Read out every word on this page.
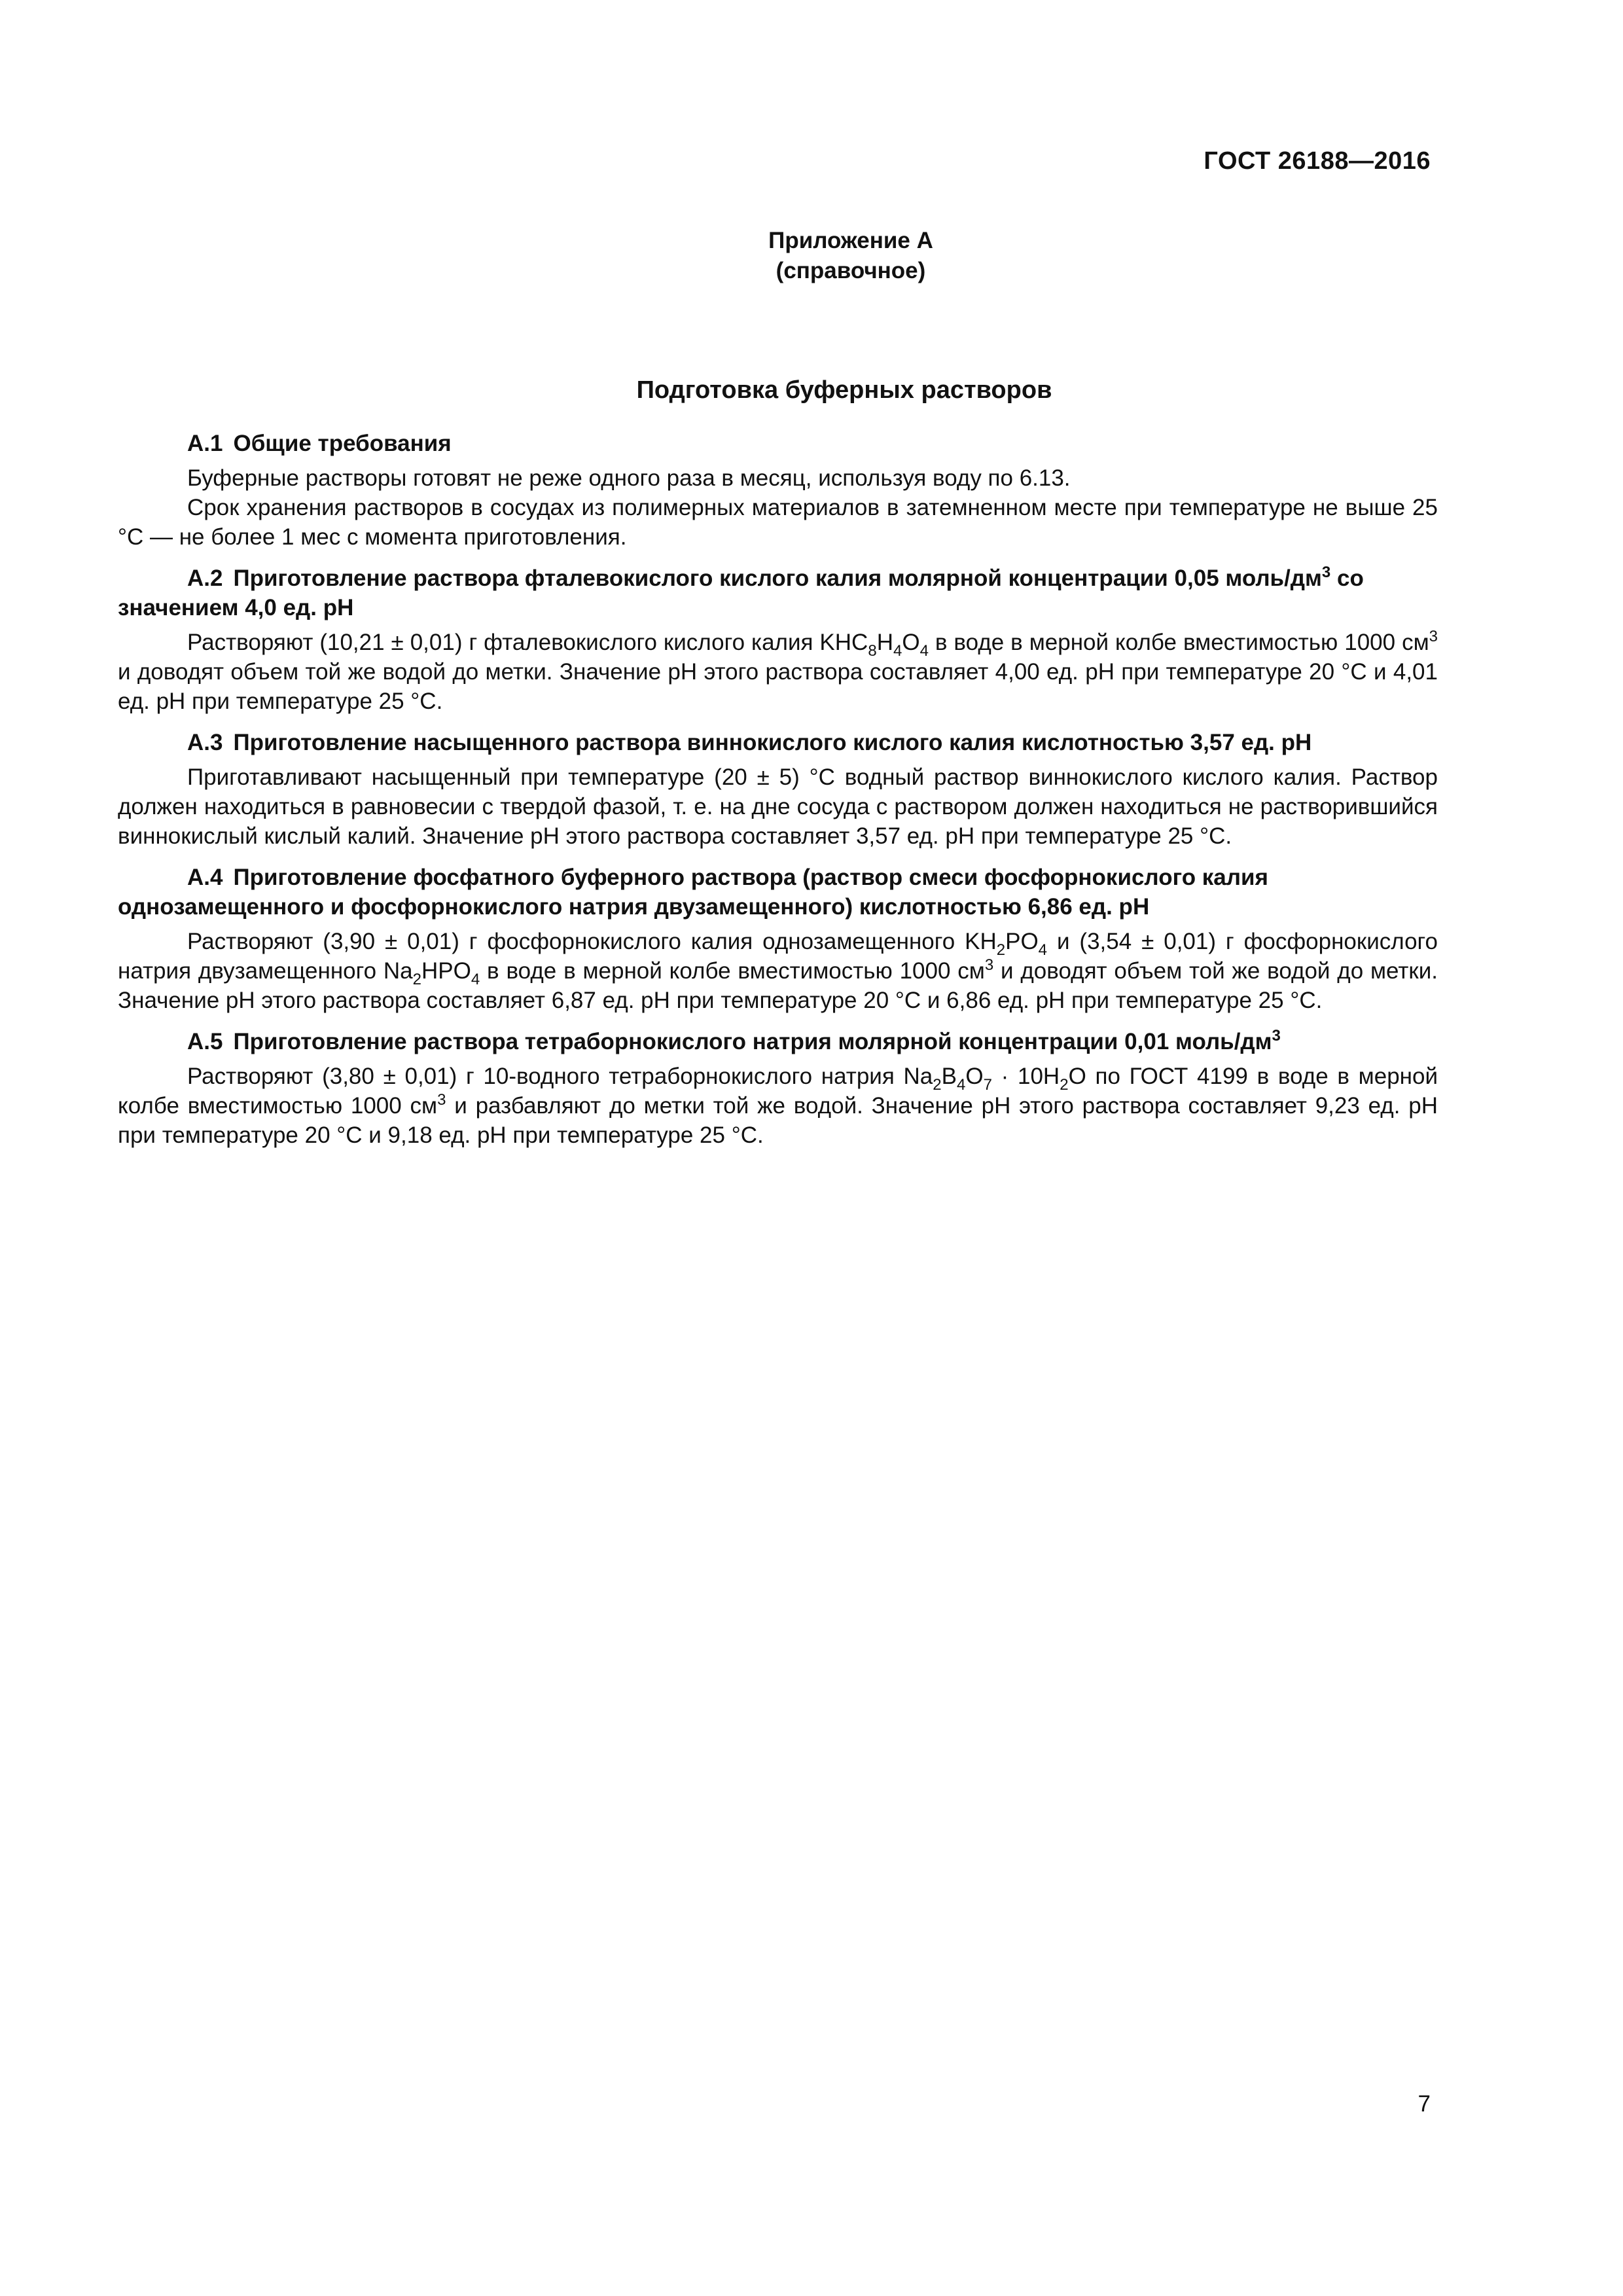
ГОСТ 26188—2016
Приложение А
(справочное)
Подготовка буферных растворов
А.1 Общие требования
Буферные растворы готовят не реже одного раза в месяц, используя воду по 6.13.
Срок хранения растворов в сосудах из полимерных материалов в затемненном месте при температуре не выше 25 °С — не более 1 мес с момента приготовления.
А.2 Приготовление раствора фталевокислого кислого калия молярной концентрации 0,05 моль/$дм^3$ со значением 4,0 ед. pH
Растворяют (10,21 ± 0,01) г фталевокислого кислого калия $KHC_8H_4O_4$ в воде в мерной колбе вместимостью 1000 $см^3$ и доводят объем той же водой до метки. Значение pH этого раствора составляет 4,00 ед. pH при температуре 20 °С и 4,01 ед. pH при температуре 25 °С.
А.3 Приготовление насыщенного раствора виннокислого кислого калия кислотностью 3,57 ед. pH
Приготавливают насыщенный при температуре (20 ± 5) °С водный раствор виннокислого кислого калия. Раствор должен находиться в равновесии с твердой фазой, т. е. на дне сосуда с раствором должен находиться не растворившийся виннокислый кислый калий. Значение pH этого раствора составляет 3,57 ед. pH при температуре 25 °С.
А.4 Приготовление фосфатного буферного раствора (раствор смеси фосфорнокислого калия однозамещенного и фосфорнокислого натрия двузамещенного) кислотностью 6,86 ед. pH
Растворяют (3,90 ± 0,01) г фосфорнокислого калия однозамещенного $KH_2PO_4$ и (3,54 ± 0,01) г фосфорнокислого натрия двузамещенного $Na_2HPO_4$ в воде в мерной колбе вместимостью 1000 $см^3$ и доводят объем той же водой до метки. Значение pH этого раствора составляет 6,87 ед. pH при температуре 20 °С и 6,86 ед. pH при температуре 25 °С.
А.5 Приготовление раствора тетраборнокислого натрия молярной концентрации 0,01 моль/$дм^3$
Растворяют (3,80 ± 0,01) г 10-водного тетраборнокислого натрия $Na_2B_4O_7 \cdot 10H_2O$ по ГОСТ 4199 в воде в мерной колбе вместимостью 1000 $см^3$ и разбавляют до метки той же водой. Значение pH этого раствора составляет 9,23 ед. pH при температуре 20 °С и 9,18 ед. pH при температуре 25 °С.
7
